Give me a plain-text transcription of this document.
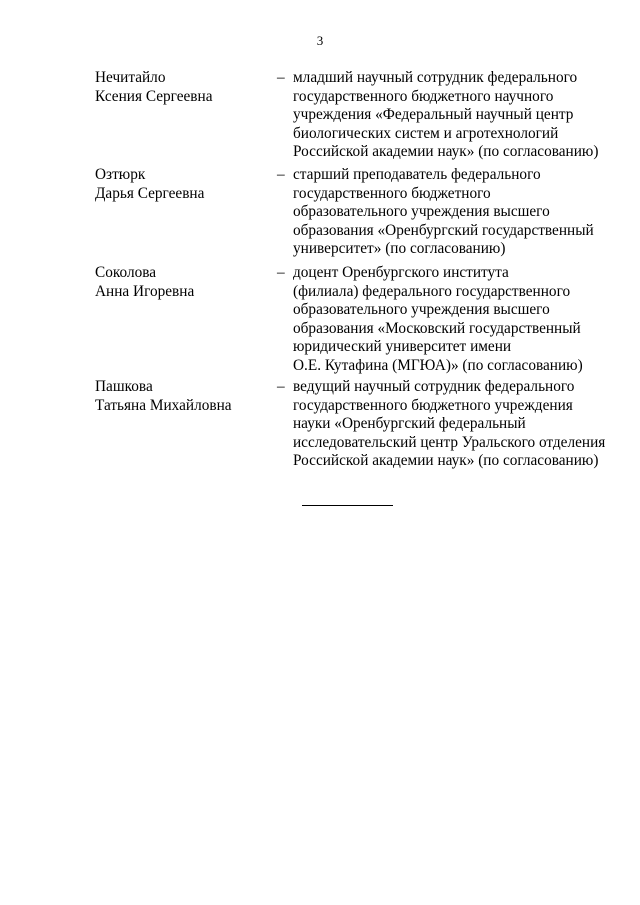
3
Нечитайло
Ксения Сергеевна
– младший научный сотрудник федерального
государственного бюджетного научного
учреждения «Федеральный научный центр
биологических систем и агротехнологий
Российской академии наук» (по согласованию)
Озтюрк
Дарья Сергеевна
– старший преподаватель федерального
государственного бюджетного
образовательного учреждения высшего
образования «Оренбургский государственный
университет» (по согласованию)
Соколова
Анна Игоревна
– доцент Оренбургского института
(филиала) федерального государственного
образовательного учреждения высшего
образования «Московский государственный
юридический университет имени
О.Е. Кутафина (МГЮА)» (по согласованию)
Пашкова
Татьяна Михайловна
– ведущий научный сотрудник федерального
государственного бюджетного учреждения
науки «Оренбургский федеральный
исследовательский центр Уральского отделения
Российской академии наук» (по согласованию)
